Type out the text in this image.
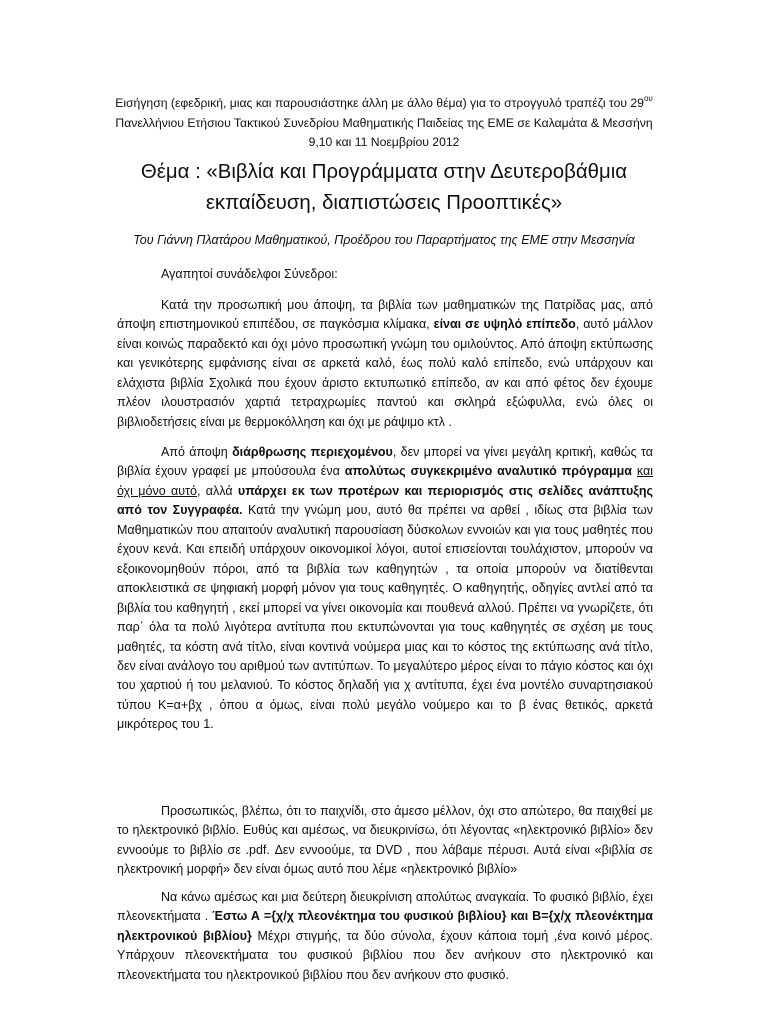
Εισήγηση (εφεδρική, μιας και παρουσιάστηκε άλλη με άλλο θέμα) για το στρογγυλό τραπέζι του $29^{o\upsilon}$
Πανελλήνιου Ετήσιου Τακτικού Συνεδρίου Μαθηματικής Παιδείας της ΕΜΕ σε Καλαμάτα & Μεσσήνη
9,10 και 11 Νοεμβρίου 2012
Θέμα : «Βιβλία και Προγράμματα στην Δευτεροβάθμια
εκπαίδευση, διαπιστώσεις Προοπτικές»
Του Γιάννη Πλατάρου Μαθηματικού, Προέδρου του Παραρτήματος της ΕΜΕ στην Μεσσηνία
Αγαπητοί συνάδελφοι Σύνεδροι:

Κατά την προσωπική μου άποψη, τα βιβλία των μαθηματικών της Πατρίδας μας, από άποψη επιστημονικού επιπέδου, σε παγκόσμια κλίμακα, είναι σε υψηλό επίπεδο, αυτό μάλλον είναι κοινώς παραδεκτό και όχι μόνο προσωπική γνώμη του ομιλούντος. Από άποψη εκτύπωσης και γενικότερης εμφάνισης είναι σε αρκετά καλό, έως πολύ καλό επίπεδο, ενώ υπάρχουν και ελάχιστα βιβλία Σχολικά που έχουν άριστο εκτυπωτικό επίπεδο, αν και από φέτος δεν έχουμε πλέον ιλουστρασιόν χαρτιά τετραχρωμίες παντού και σκληρά εξώφυλλα, ενώ όλες οι βιβλιοδετήσεις είναι με θερμοκόλληση και όχι με ράψιμο κτλ .

Από άποψη διάρθρωσης περιεχομένου, δεν μπορεί να γίνει μεγάλη κριτική, καθώς τα βιβλία έχουν γραφεί με μπούσουλα ένα απολύτως συγκεκριμένο αναλυτικό πρόγραμμα και όχι μόνο αυτό, αλλά υπάρχει εκ των προτέρων και περιορισμός στις σελίδες ανάπτυξης από τον Συγγραφέα. Κατά την γνώμη μου, αυτό θα πρέπει να αρθεί , ιδίως στα βιβλία των Μαθηματικών που απαιτούν αναλυτική παρουσίαση δύσκολων εννοιών και για τους μαθητές που έχουν κενά. Και επειδή υπάρχουν οικονομικοί λόγοι, αυτοί επισείονται τουλάχιστον, μπορούν να εξοικονομηθούν πόροι, από τα βιβλία των καθηγητών , τα οποία μπορούν να διατίθενται αποκλειστικά σε ψηφιακή μορφή μόνον για τους καθηγητές. Ο καθηγητής, οδηγίες αντλεί από τα βιβλία του καθηγητή , εκεί μπορεί να γίνει οικονομία και πουθενά αλλού. Πρέπει να γνωρίζετε, ότι παρ΄ όλα τα πολύ λιγότερα αντίτυπα που εκτυπώνονται για τους καθηγητές σε σχέση με τους μαθητές, τα κόστη ανά τίτλο, είναι κοντινά νούμερα μιας και το κόστος της εκτύπωσης ανά τίτλο, δεν είναι ανάλογο του αριθμού των αντιτύπων. Το μεγαλύτερο μέρος είναι το πάγιο κόστος και όχι του χαρτιού ή του μελανιού. Το κόστος δηλαδή για χ αντίτυπα, έχει ένα μοντέλο συναρτησιακού τύπου Κ=α+βχ , όπου α όμως, είναι πολύ μεγάλο νούμερο και το β ένας θετικός, αρκετά μικρότερος του 1.

Προσωπικώς, βλέπω, ότι το παιχνίδι, στο άμεσο μέλλον, όχι στο απώτερο, θα παιχθεί με το ηλεκτρονικό βιβλίο. Ευθύς και αμέσως, να διευκρινίσω, ότι λέγοντας «ηλεκτρονικό βιβλίο» δεν εννοούμε το βιβλίο σε .pdf. Δεν εννοούμε, τα DVD , που λάβαμε πέρυσι. Αυτά είναι «βιβλία σε ηλεκτρονική μορφή» δεν είναι όμως αυτό που λέμε «ηλεκτρονικό βιβλίο»

Να κάνω αμέσως και μια δεύτερη διευκρίνιση απολύτως αναγκαία. Το φυσικό βιβλίο, έχει πλεονεκτήματα . Έστω Α ={χ/χ πλεονέκτημα του φυσικού βιβλίου} και Β={χ/χ πλεονέκτημα ηλεκτρονικού βιβλίου} Μέχρι στιγμής, τα δύο σύνολα, έχουν κάποια τομή ,ένα κοινό μέρος. Υπάρχουν πλεονεκτήματα του φυσικού βιβλίου που δεν ανήκουν στο ηλεκτρονικό και πλεονεκτήματα του ηλεκτρονικού βιβλίου που δεν ανήκουν στο φυσικό.
